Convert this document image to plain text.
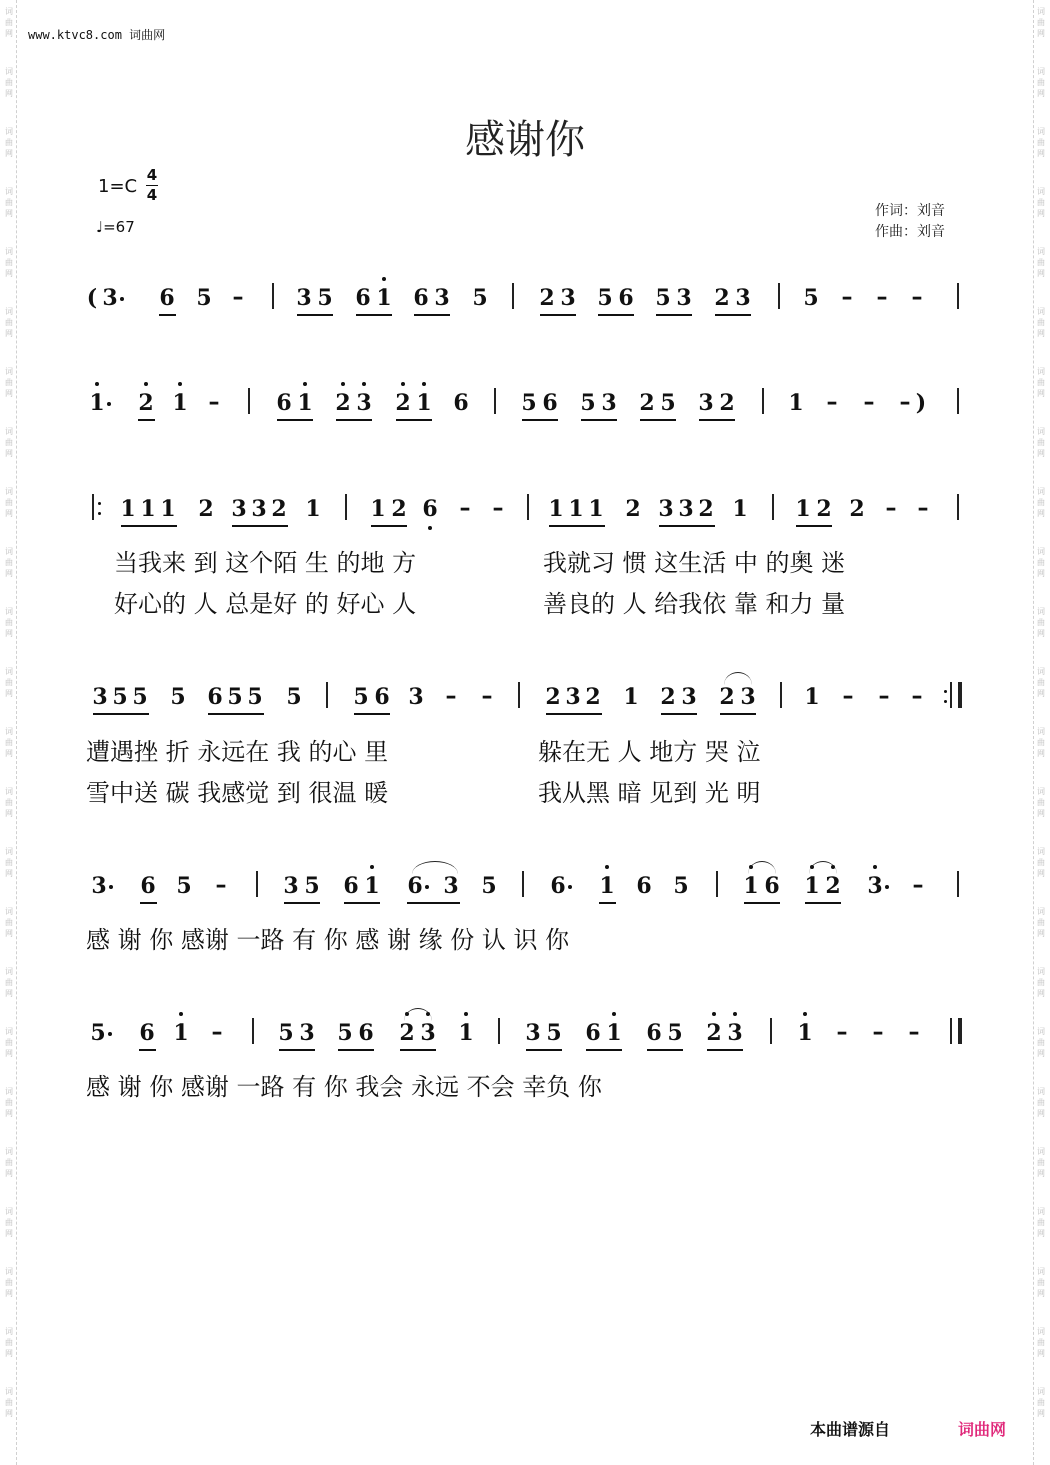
www.ktvc8.com 词曲网
感谢你
1=C
4
4
♩=67
作词：刘音
作曲：刘音
( 3 6 5 – 3 5 6 1 6 3 5 2 3 5 6 5 3 2 3 5 – – –
1 2 1 –	6 1 2 3 2 1 6 5 6 5 3 2 5 3 2 1 – – – )
1 1 1 2 3 3 2 1 1 2 6 – – 1 1 1 2 3 3 2 1 1 2 2 – –
3 5 5 5 6 5 5 5 5 6 3 – – 2 3 2 1 2 3 2 3 1 – – –
3 6 5 –	3 5 6 1 6 3 5 6 1 6 5 1 6 1 2 3 –
5 6 1 –	5 3 5 6 2 3 1 3 5 6 1 6 5 2 3 1 – – –
当我来 到 这个陌 生 的地 方	我就习 惯 这生活 中 的奥 迷
好心的 人 总是好 的 好心 人	善良的 人 给我依 靠 和力 量
遭遇挫 折 永远在 我 的心 里	躲在无 人 地方 哭 泣
雪中送 碳 我感觉 到 很温 暖	我从黑 暗 见到 光 明
感 谢 你 感谢 一路 有 你 感 谢 缘 份 认 识 你
感 谢 你 感谢 一路 有 你 我会 永远 不会 幸负 你
本曲谱源自	词曲网
词
曲
网
词
曲
网
词
曲
网
词
曲
网
词
曲
网
词
曲
网
词
曲
网
词
曲
网
词
曲
网
词
曲
网
词
曲
网
词
曲
网
词
曲
网
词
曲
网
词
曲
网
词
曲
网
词
曲
网
词
曲
网
词
曲
网
词
曲
网
词
曲
网
词
曲
网
词
曲
网
词
曲
网
词
曲
网
词
曲
网
词
曲
网
词
曲
网
词
曲
网
词
曲
网
词
曲
网
词
曲
网
词
曲
网
词
曲
网
词
曲
网
词
曲
网
词
曲
网
词
曲
网
词
曲
网
词
曲
网
词
曲
网
词
曲
网
词
曲
网
词
曲
网
词
曲
网
词
曲
网
词
曲
网
词
曲
网
